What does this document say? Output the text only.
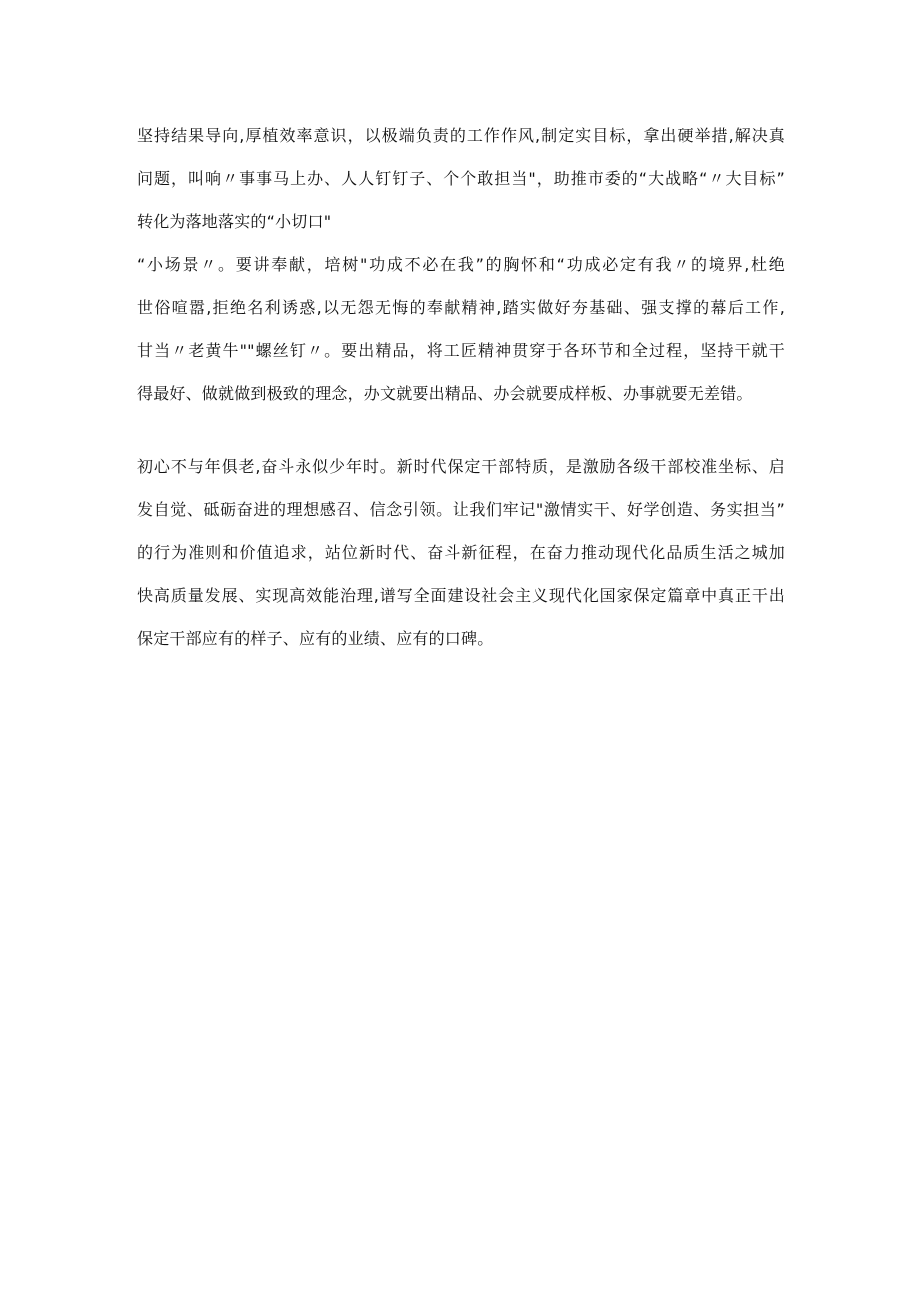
坚持结果导向,厚植效率意识，以极端负责的工作作风,制定实目标，拿出硬举措,解决真
问题，叫响〃事事马上办、人人钉钉子、个个敢担当"，助推市委的“大战略“〃大目标”
转化为落地落实的“小切口"
“小场景〃。要讲奉献，培树"功成不必在我”的胸怀和“功成必定有我〃的境界,杜绝
世俗喧嚣,拒绝名利诱惑,以无怨无悔的奉献精神,踏实做好夯基础、强支撑的幕后工作,
甘当〃老黄牛""螺丝钉〃。要出精品，将工匠精神贯穿于各环节和全过程，坚持干就干
得最好、做就做到极致的理念，办文就要出精品、办会就要成样板、办事就要无差错。
初心不与年俱老,奋斗永似少年时。新时代保定干部特质，是激励各级干部校准坐标、启
发自觉、砥砺奋进的理想感召、信念引领。让我们牢记"激情实干、好学创造、务实担当”
的行为准则和价值追求，站位新时代、奋斗新征程，在奋力推动现代化品质生活之城加
快高质量发展、实现高效能治理,谱写全面建设社会主义现代化国家保定篇章中真正干出
保定干部应有的样子、应有的业绩、应有的口碑。
